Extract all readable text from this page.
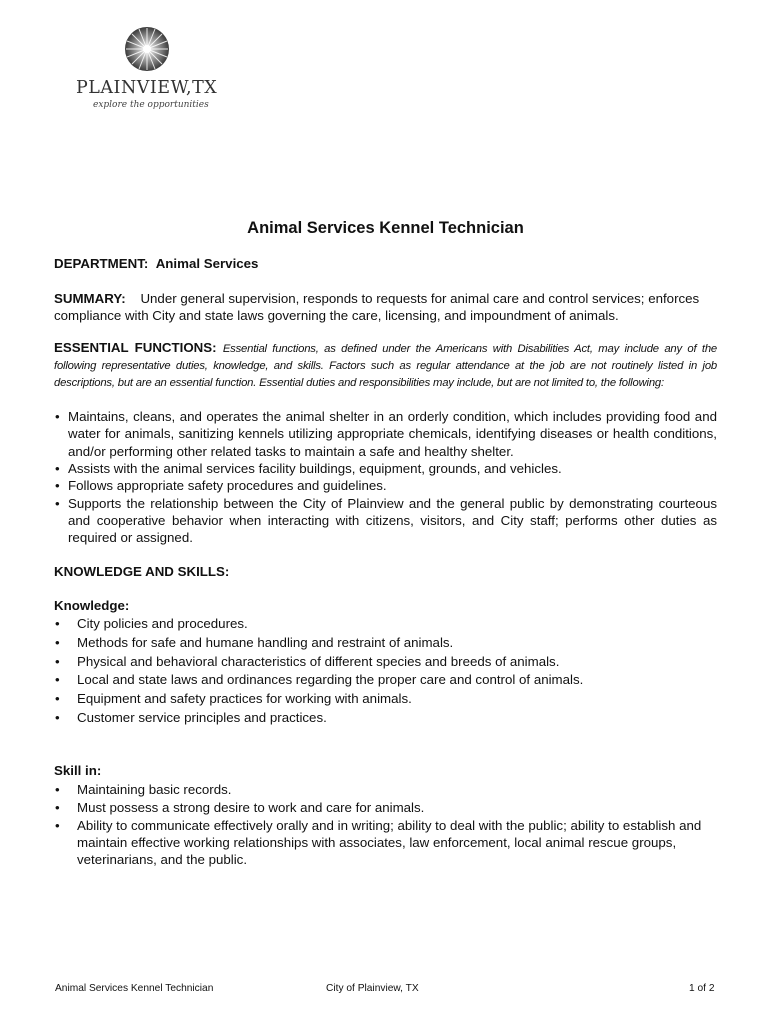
PLAINVIEW,TX
explore the opportunities
Animal Services Kennel Technician

DEPARTMENT: Animal Services

SUMMARY: Under general supervision, responds to requests for animal care and control services; enforces compliance with City and state laws governing the care, licensing, and impoundment of animals.

ESSENTIAL FUNCTIONS: Essential functions, as defined under the Americans with Disabilities Act, may include any of the following representative duties, knowledge, and skills. Factors such as regular attendance at the job are not routinely listed in job descriptions, but are an essential function. Essential duties and responsibilities may include, but are not limited to, the following:

• Maintains, cleans, and operates the animal shelter in an orderly condition, which includes providing food and water for animals, sanitizing kennels utilizing appropriate chemicals, identifying diseases or health conditions, and/or performing other related tasks to maintain a safe and healthy shelter.
• Assists with the animal services facility buildings, equipment, grounds, and vehicles.
• Follows appropriate safety procedures and guidelines.
• Supports the relationship between the City of Plainview and the general public by demonstrating courteous and cooperative behavior when interacting with citizens, visitors, and City staff; performs other duties as required or assigned.

KNOWLEDGE AND SKILLS:

Knowledge:

• City policies and procedures.
• Methods for safe and humane handling and restraint of animals.
• Physical and behavioral characteristics of different species and breeds of animals.
• Local and state laws and ordinances regarding the proper care and control of animals.
• Equipment and safety practices for working with animals.
• Customer service principles and practices.

Skill in:

• Maintaining basic records.
• Must possess a strong desire to work and care for animals.
• Ability to communicate effectively orally and in writing; ability to deal with the public; ability to establish and maintain effective working relationships with associates, law enforcement, local animal rescue groups, veterinarians, and the public.
Animal Services Kennel Technician	City of Plainview, TX	1 of 2
